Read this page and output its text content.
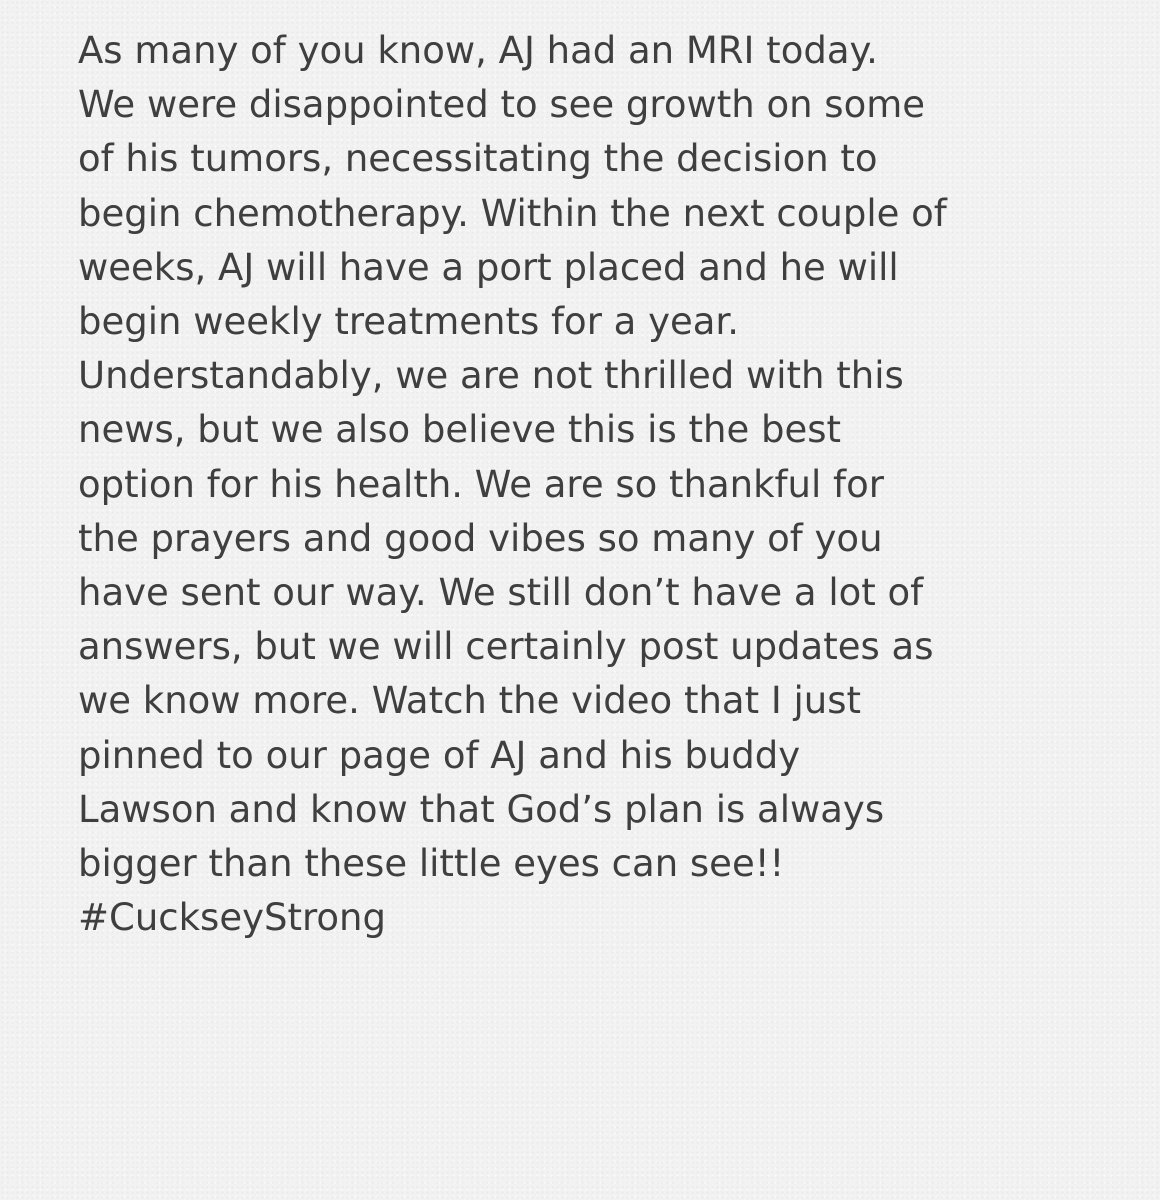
As many of you know, AJ had an MRI today.
We were disappointed to see growth on some
of his tumors, necessitating the decision to
begin chemotherapy. Within the next couple of
weeks, AJ will have a port placed and he will
begin weekly treatments for a year.
Understandably, we are not thrilled with this
news, but we also believe this is the best
option for his health. We are so thankful for
the prayers and good vibes so many of you
have sent our way. We still don’t have a lot of
answers, but we will certainly post updates as
we know more. Watch the video that I just
pinned to our page of AJ and his buddy
Lawson and know that God’s plan is always
bigger than these little eyes can see!!
#CuckseyStrong
